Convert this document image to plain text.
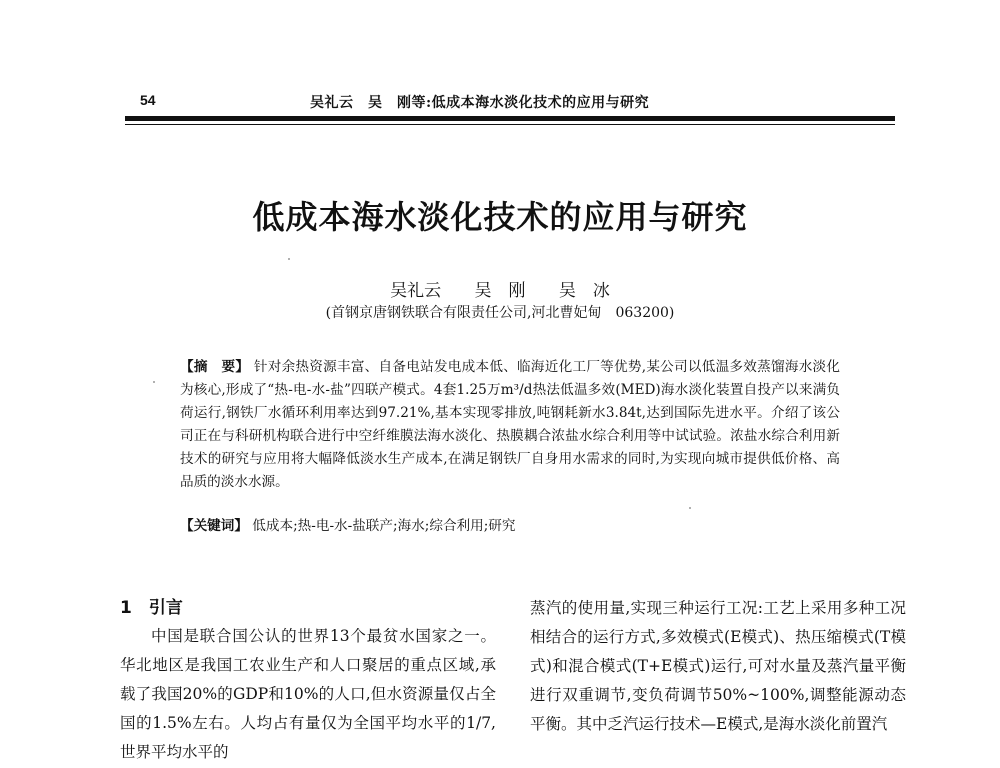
54	吴礼云　吴　刚等:低成本海水淡化技术的应用与研究
低成本海水淡化技术的应用与研究
吴礼云 吴　刚 吴　冰
(首钢京唐钢铁联合有限责任公司,河北曹妃甸　063200)
【摘　要】 针对余热资源丰富、自备电站发电成本低、临海近化工厂等优势,某公司以低温多效蒸馏海水淡化为核心,形成了“热-电-水-盐”四联产模式。4套1.25万m³/d热法低温多效(MED)海水淡化装置自投产以来满负荷运行,钢铁厂水循环利用率达到97.21%,基本实现零排放,吨钢耗新水3.84t,达到国际先进水平。介绍了该公司正在与科研机构联合进行中空纤维膜法海水淡化、热膜耦合浓盐水综合利用等中试试验。浓盐水综合利用新技术的研究与应用将大幅降低淡水生产成本,在满足钢铁厂自身用水需求的同时,为实现向城市提供低价格、高品质的淡水水源。
【关键词】 低成本;热-电-水-盐联产;海水;综合利用;研究
1　引言

中国是联合国公认的世界13个最贫水国家之一。华北地区是我国工农业生产和人口聚居的重点区域,承载了我国20%的GDP和10%的人口,但水资源量仅占全国的1.5%左右。人均占有量仅为全国平均水平的1/7,世界平均水平的

蒸汽的使用量,实现三种运行工况:工艺上采用多种工况相结合的运行方式,多效模式(E模式)、热压缩模式(T模式)和混合模式(T+E模式)运行,可对水量及蒸汽量平衡进行双重调节,变负荷调节50%~100%,调整能源动态平衡。其中乏汽运行技术—E模式,是海水淡化前置汽
